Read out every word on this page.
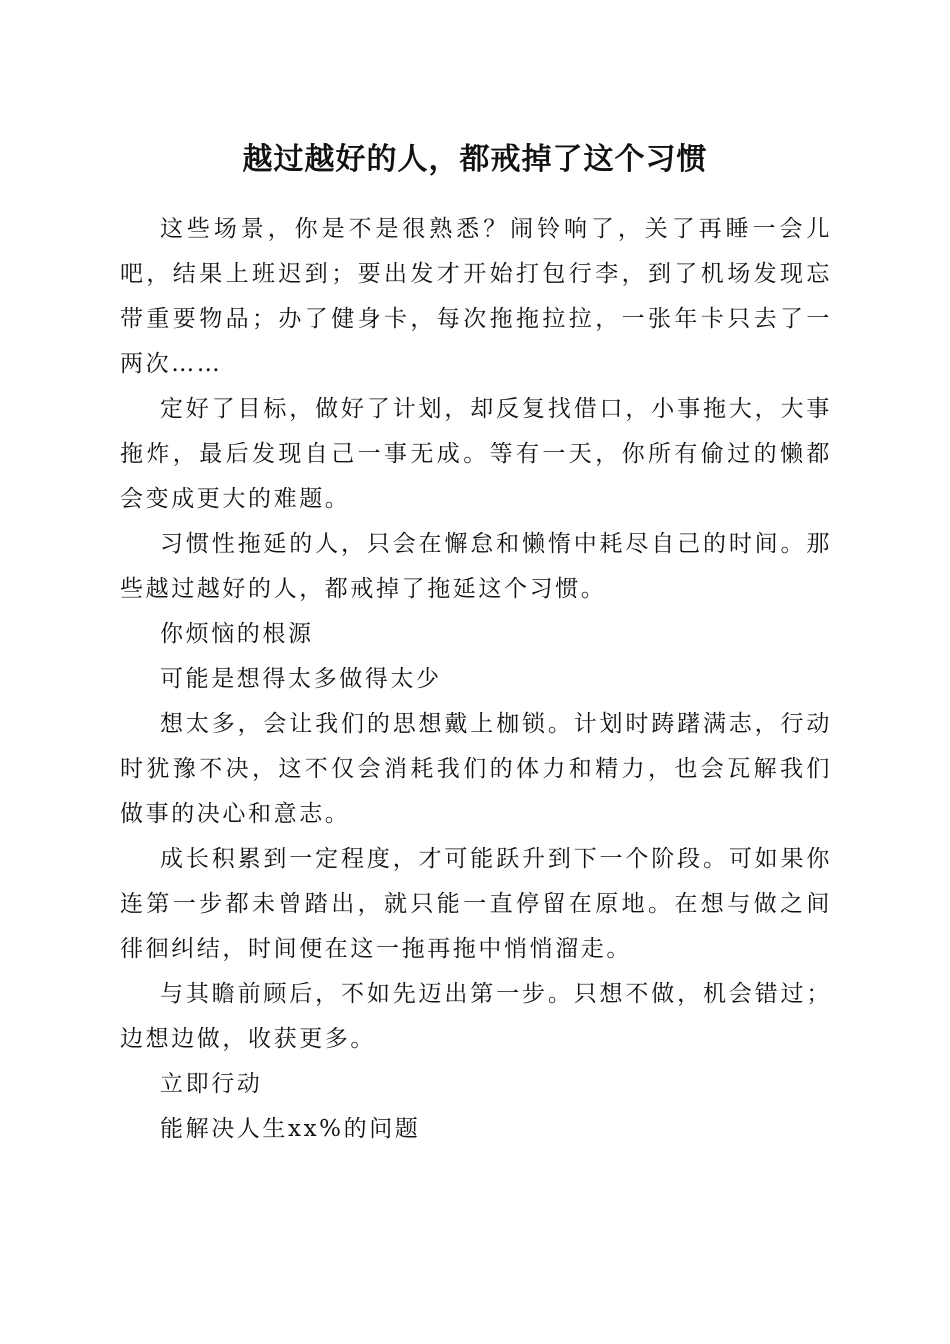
越过越好的人，都戒掉了这个习惯

这些场景，你是不是很熟悉？闹铃响了，关了再睡一会儿吧，结果上班迟到；要出发才开始打包行李，到了机场发现忘带重要物品；办了健身卡，每次拖拖拉拉，一张年卡只去了一两次……

定好了目标，做好了计划，却反复找借口，小事拖大，大事拖炸，最后发现自己一事无成。等有一天，你所有偷过的懒都会变成更大的难题。

习惯性拖延的人，只会在懈怠和懒惰中耗尽自己的时间。那些越过越好的人，都戒掉了拖延这个习惯。

你烦恼的根源

可能是想得太多做得太少

想太多，会让我们的思想戴上枷锁。计划时踌躇满志，行动时犹豫不决，这不仅会消耗我们的体力和精力，也会瓦解我们做事的决心和意志。

成长积累到一定程度，才可能跃升到下一个阶段。可如果你连第一步都未曾踏出，就只能一直停留在原地。在想与做之间徘徊纠结，时间便在这一拖再拖中悄悄溜走。

与其瞻前顾后，不如先迈出第一步。只想不做，机会错过；边想边做，收获更多。

立即行动

能解决人生xx%的问题
